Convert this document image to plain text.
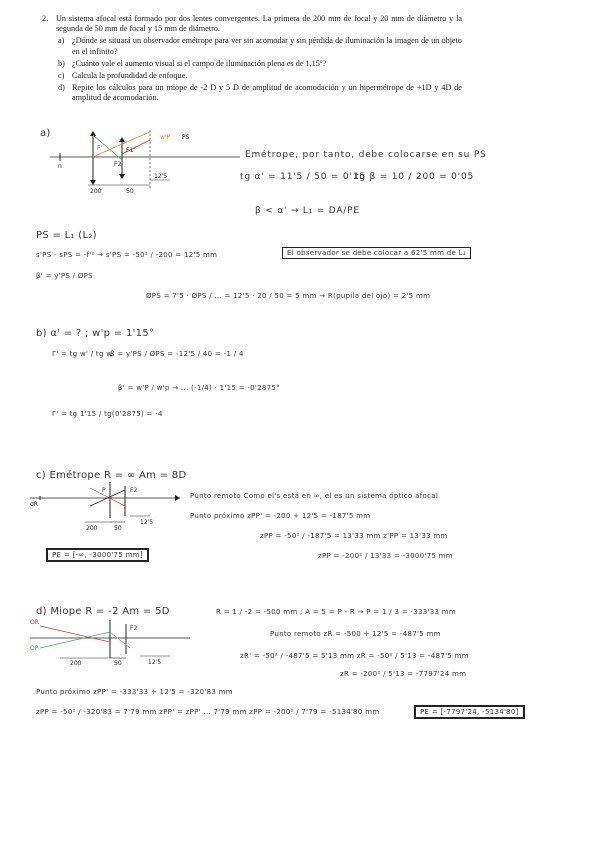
2. Un sistema afocal está formado por dos lentes convergentes. La primera de 200 mm de focal y 20 mm de diámetro y la segunda de 50 mm de focal y 15 mm de diámetro.
a) ¿Dónde se situará un observador emétrope para ver sin acomodar y sin pérdida de iluminación la imagen de un objeto en el infinito?
b) ¿Cuánto vale el aumento visual si el campo de iluminación plena es de 1,15º?
c) Calcula la profundidad de enfoque.
d) Repite los cálculos para un miope de -2 D y 5 D de amplitud de acomodación y un hipermétrope de +1D y 4D de amplitud de acomodación.
a)
F'
F2
F1'
n
w'P PS
200	50
12'5
Emétrope, por tanto, debe colocarse en su PS
tg α' = 11'5 / 50 = 0'15
tg β = 10 / 200 = 0'05
β < α' → L₁ = DA/PE
PS = L₁ (L₂)
s'PS - sPS = -f'² → s'PS = -50² / -200 = 12'5 mm	El observador se debe colocar a 62'5 mm de L₂
β' = y'PS / ØPS
ØPS = 7'5 · ØPS / ... = 12'5 · 20 / 50 = 5 mm → R(pupila del ojo) = 2'5 mm
b) α' = ? ; w'p = 1'15°
Γ' = tg w' / tg w
β = y'PS / ØPS = -12'5 / 40 = -1 / 4
β' = w'P / w'p → ... (-1/4) · 1'15 = -0'2875°
Γ' = tg 1'15 / tg(0'2875) = -4
c) Emétrope R = ∞ Am = 8D
σR
P	F2
200	50
12'5
Punto remoto Como el's está en ∞, el es un sistema óptico afocal
Punto próximo zPP' = -200 + 12'5 = -187'5 mm
zPP = -50² / -187'5 = 13'33 mm z'PP = 13'33 mm
zPP = -200² / 13'33 = -3000'75 mm
PE = [-∞, -3000'75 mm]
d) Miope R = -2 Am = 5D	R = 1 / -2 = -500 mm ; A = 5 = P - R → P = 1 / 3 = -333'33 mm
OR
OP
F2
200	50	12'5
Punto remoto zR = -500 + 12'5 = -487'5 mm
zR' = -50² / -487'5 = 5'13 mm zR = -50² / 5'13 = -487'5 mm
zR = -200² / 5'13 = -7797'24 mm
Punto próximo zPP' = -333'33 + 12'5 = -320'83 mm
zPP = -50² / -320'83 = 7'79 mm zPP' = zPP' ... 7'79 mm zPP = -200² / 7'79 = -5134'80 mm	PE = [-7797'24, -5134'80]
